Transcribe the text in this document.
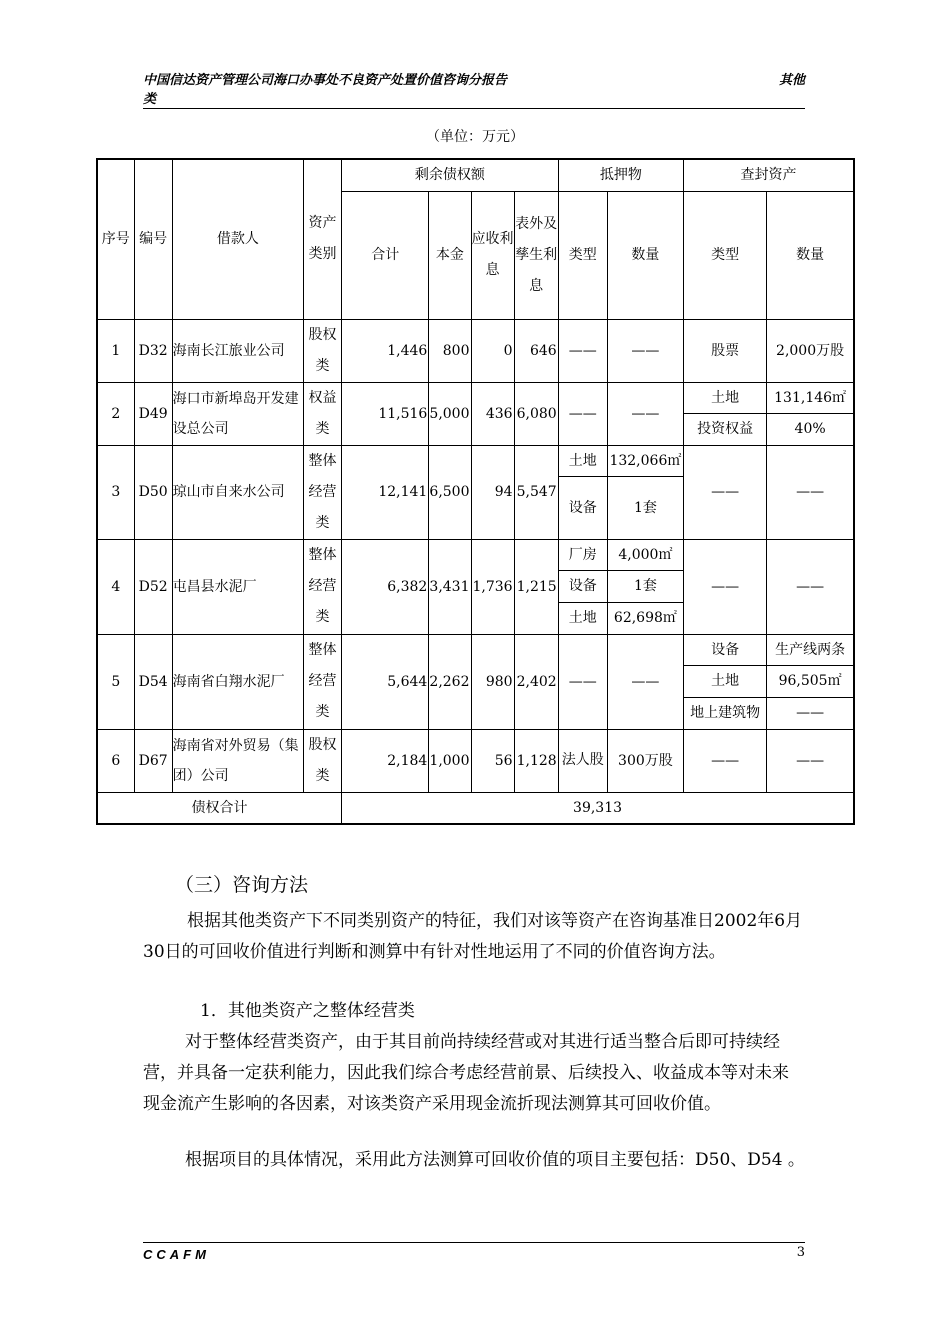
中国信达资产管理公司海口办事处不良资产处置价值咨询分报告	其他
类
（单位：万元）
序号	编号	借款人	资产类别	剩余债权额				抵押物		查封资产	
				合计	本金	应收利息	表外及孳生利息	类型	数量	类型	数量
1	D32	海南长江旅业公司	股权类	1,446	800	0	646	——	——	股票	2,000万股
2	D49	海口市新埠岛开发建设总公司	权益类	11,516	5,000	436	6,080	——	——	土地	131,146㎡
										投资权益	40%
3	D50	琼山市自来水公司	整体经营类	12,141	6,500	94	5,547	土地	132,066㎡	——	——
								设备	1套		
4	D52	屯昌县水泥厂	整体经营类	6,382	3,431	1,736	1,215	厂房	4,000㎡	——	——
								设备	1套		
								土地	62,698㎡		
5	D54	海南省白翔水泥厂	整体经营类	5,644	2,262	980	2,402	——	——	设备	生产线两条
										土地	96,505㎡
										地上建筑物	——
6	D67	海南省对外贸易（集团）公司	股权类	2,184	1,000	56	1,128	法人股	300万股	——	——
债权合计				39,313							
（三）咨询方法
根据其他类资产下不同类别资产的特征，我们对该等资产在咨询基准日2002年6月30日的可回收价值进行判断和测算中有针对性地运用了不同的价值咨询方法。
1．其他类资产之整体经营类
对于整体经营类资产，由于其目前尚持续经营或对其进行适当整合后即可持续经营，并具备一定获利能力，因此我们综合考虑经营前景、后续投入、收益成本等对未来现金流产生影响的各因素，对该类资产采用现金流折现法测算其可回收价值。
根据项目的具体情况，采用此方法测算可回收价值的项目主要包括：D50、D54 。
CCAFM	3
